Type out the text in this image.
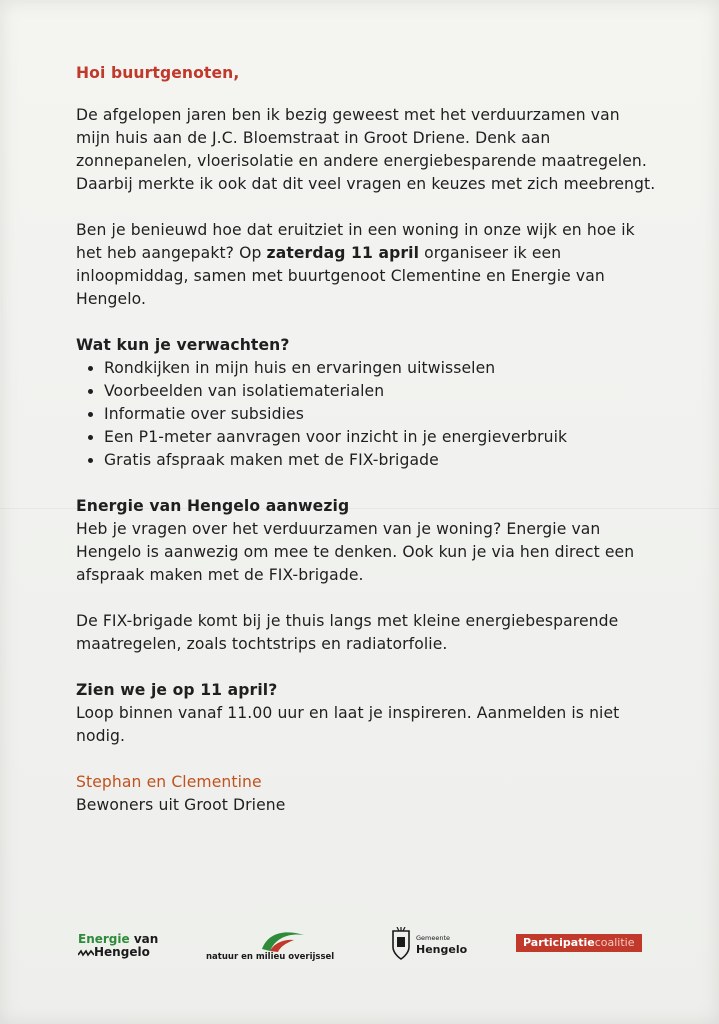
Hoi buurtgenoten,

De afgelopen jaren ben ik bezig geweest met het verduurzamen van mijn huis aan de J.C. Bloemstraat in Groot Driene. Denk aan zonnepanelen, vloerisolatie en andere energiebesparende maatregelen. Daarbij merkte ik ook dat dit veel vragen en keuzes met zich meebrengt.

Ben je benieuwd hoe dat eruitziet in een woning in onze wijk en hoe ik het heb aangepakt? Op zaterdag 11 april organiseer ik een inloopmiddag, samen met buurtgenoot Clementine en Energie van Hengelo.

Wat kun je verwachten?
• Rondkijken in mijn huis en ervaringen uitwisselen
• Voorbeelden van isolatiematerialen
• Informatie over subsidies
• Een P1-meter aanvragen voor inzicht in je energieverbruik
• Gratis afspraak maken met de FIX-brigade
Energie van Hengelo aanwezig

Heb je vragen over het verduurzamen van je woning? Energie van Hengelo is aanwezig om mee te denken. Ook kun je via hen direct een afspraak maken met de FIX-brigade.

De FIX-brigade komt bij je thuis langs met kleine energiebesparende maatregelen, zoals tochtstrips en radiatorfolie.

Zien we je op 11 april?

Loop binnen vanaf 11.00 uur en laat je inspireren. Aanmelden is niet nodig.

Stephan en Clementine
Bewoners uit Groot Driene
Energie van
Hengelo	natuur en milieu overijssel
Gemeente
Hengelo
Participatiecoalitie
